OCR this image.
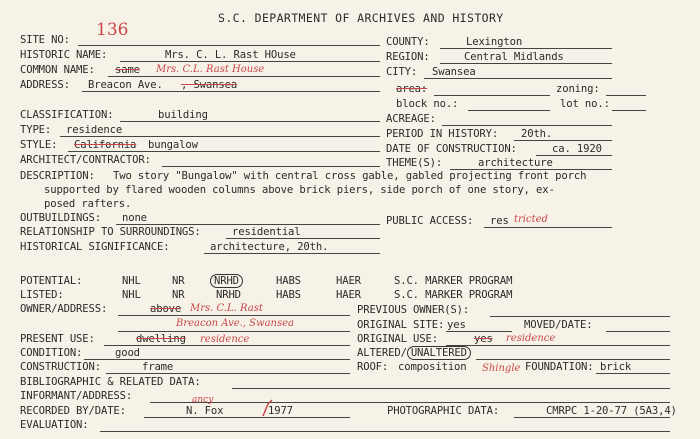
S.C. DEPARTMENT OF ARCHIVES AND HISTORY
SITE NO: 136
HISTORIC NAME:	Mrs. C. L. Rast HOuse
COMMON NAME: same Mrs. C.L. Rast House
ADDRESS: Breacon Ave. , Swansea
CLASSIFICATION:	building
TYPE: residence
STYLE: California bungalow
ARCHITECT/CONTRACTOR:
COUNTY:	Lexington
REGION:	Central Midlands
CITY: Swansea
area:	zoning:
block no.:	lot no.:
ACREAGE:
PERIOD IN HISTORY: 20th.
DATE OF CONSTRUCTION:	ca. 1920
THEME(S):	architecture
DESCRIPTION: Two story "Bungalow" with central cross gable, gabled projecting front porch
supported by flared wooden columns above brick piers, side porch of one story, ex-
posed rafters.
OUTBUILDINGS: none	PUBLIC ACCESS: res tricted
RELATIONSHIP TO SURROUNDINGS:	residential
HISTORICAL SIGNIFICANCE:	architecture, 20th.
POTENTIAL:	NHL	NR	NRHD	HABS	HAER	S.C. MARKER PROGRAM
LISTED:	NHL	NR	NRHD	HABS	HAER	S.C. MARKER PROGRAM
OWNER/ADDRESS:	above Mrs. C.L. Rast
Breacon Ave., Swansea
PREVIOUS OWNER(S):
ORIGINAL SITE: yes	MOVED/DATE:
PRESENT USE:	dwelling residence	ORIGINAL USE:	yes residence
CONDITION:	good	ALTERED/ UNALTERED
CONSTRUCTION:	frame	ROOF: composition Shingle FOUNDATION: brick
BIBLIOGRAPHIC & RELATED DATA:
INFORMANT/ADDRESS:
RECORDED BY/DATE:	N. Fox
ancy
1977	PHOTOGRAPHIC DATA:	CMRPC 1-20-77 (5A3,4)
EVALUATION:
